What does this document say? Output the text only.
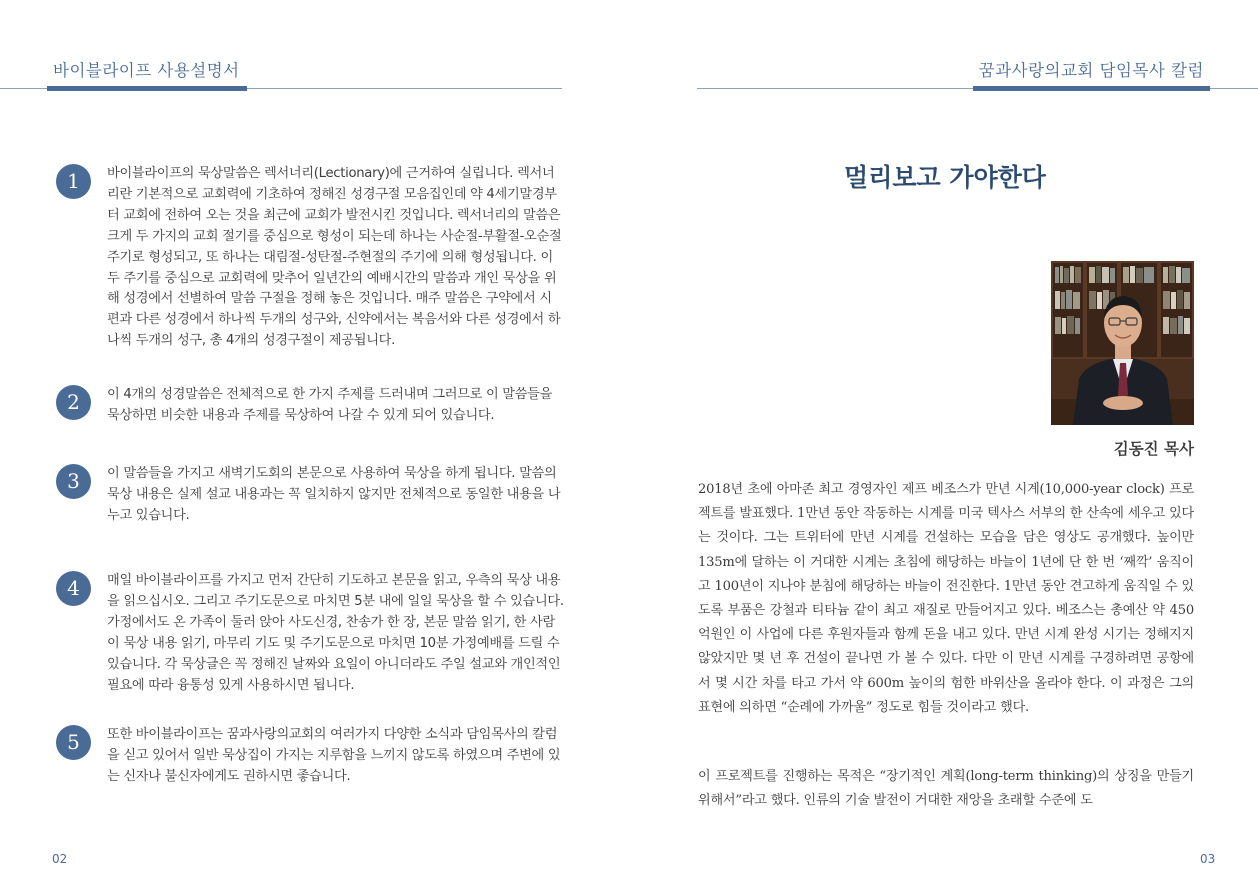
바이블라이프 사용설명서
1	바이블라이프의 묵상말씀은 렉서너리(Lectionary)에 근거하여 실립니다. 렉서너리란 기본적으로 교회력에 기초하여 정해진 성경구절 모음집인데 약 4세기말경부터 교회에 전하여 오는 것을 최근에 교회가 발전시킨 것입니다. 렉서너리의 말씀은 크게 두 가지의 교회 절기를 중심으로 형성이 되는데 하나는 사순절-부활절-오순절 주기로 형성되고, 또 하나는 대림절-성탄절-주현절의 주기에 의해 형성됩니다. 이 두 주기를 중심으로 교회력에 맞추어 일년간의 예배시간의 말씀과 개인 묵상을 위해 성경에서 선별하여 말씀 구절을 정해 놓은 것입니다. 매주 말씀은 구약에서 시편과 다른 성경에서 하나씩 두개의 성구와, 신약에서는 복음서와 다른 성경에서 하나씩 두개의 성구, 총 4개의 성경구절이 제공됩니다.
2	이 4개의 성경말씀은 전체적으로 한 가지 주제를 드러내며 그러므로 이 말씀들을 묵상하면 비슷한 내용과 주제를 묵상하여 나갈 수 있게 되어 있습니다.
3	이 말씀들을 가지고 새벽기도회의 본문으로 사용하여 묵상을 하게 됩니다. 말씀의 묵상 내용은 실제 설교 내용과는 꼭 일치하지 않지만 전체적으로 동일한 내용을 나누고 있습니다.
4	매일 바이블라이프를 가지고 먼저 간단히 기도하고 본문을 읽고, 우측의 묵상 내용을 읽으십시오. 그리고 주기도문으로 마치면 5분 내에 일일 묵상을 할 수 있습니다. 가정에서도 온 가족이 둘러 앉아 사도신경, 찬송가 한 장, 본문 말씀 읽기, 한 사람이 묵상 내용 읽기, 마무리 기도 및 주기도문으로 마치면 10분 가정예배를 드릴 수 있습니다. 각 묵상글은 꼭 정해진 날짜와 요일이 아니더라도 주일 설교와 개인적인 필요에 따라 융통성 있게 사용하시면 됩니다.
5	또한 바이블라이프는 꿈과사랑의교회의 여러가지 다양한 소식과 담임목사의 칼럼을 싣고 있어서 일반 묵상집이 가지는 지루함을 느끼지 않도록 하였으며 주변에 있는 신자나 불신자에게도 권하시면 좋습니다.
02
꿈과사랑의교회 담임목사 칼럼
멀리보고 가야한다
김동진 목사
2018년 초에 아마존 최고 경영자인 제프 베조스가 만년 시계(10,000-year clock) 프로젝트를 발표했다. 1만년 동안 작동하는 시계를 미국 텍사스 서부의 한 산속에 세우고 있다는 것이다. 그는 트위터에 만년 시계를 건설하는 모습을 담은 영상도 공개했다. 높이만 135m에 달하는 이 거대한 시계는 초침에 해당하는 바늘이 1년에 단 한 번 ‘째깍’ 움직이고 100년이 지나야 분침에 해당하는 바늘이 전진한다. 1만년 동안 견고하게 움직일 수 있도록 부품은 강철과 티타늄 같이 최고 재질로 만들어지고 있다. 베조스는 총예산 약 450억원인 이 사업에 다른 후원자들과 함께 돈을 내고 있다. 만년 시계 완성 시기는 정해지지 않았지만 몇 년 후 건설이 끝나면 가 볼 수 있다. 다만 이 만년 시계를 구경하려면 공항에서 몇 시간 차를 타고 가서 약 600m 높이의 험한 바위산을 올라야 한다. 이 과정은 그의 표현에 의하면 “순례에 가까울” 정도로 힘들 것이라고 했다.
이 프로젝트를 진행하는 목적은 “장기적인 계획(long-term thinking)의 상징을 만들기 위해서”라고 했다. 인류의 기술 발전이 거대한 재앙을 초래할 수준에 도
03
